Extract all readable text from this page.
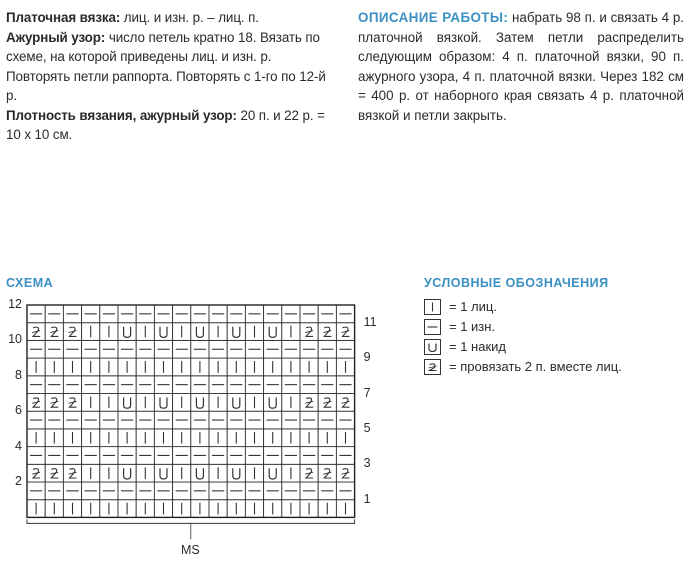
Платочная вязка: лиц. и изн. р. – лиц. п.

Ажурный узор: число петель кратно 18. Вязать по схеме, на которой приведены лиц. и изн. р. Повторять петли раппорта. Повторять с 1-го по 12-й р.

Плотность вязания, ажурный узор: 20 п. и 22 р. = 10 х 10 см.

ОПИСАНИЕ РАБОТЫ: набрать 98 п. и связать 4 р. платочной вязкой. Затем петли распределить следующим образом: 4 п. платочной вязки, 90 п. ажурного узора, 4 п. платочной вязки. Через 182 см = 400 р. от наборного края связать 4 р. платочной вязкой и петли закрыть.

СХЕМА
12
10
8
6
4
2
11
9
7
5
3
1
MS
УСЛОВНЫЕ ОБОЗНАЧЕНИЯ
= 1 лиц.
= 1 изн.
= 1 накид
= провязать 2 п. вместе лиц.
